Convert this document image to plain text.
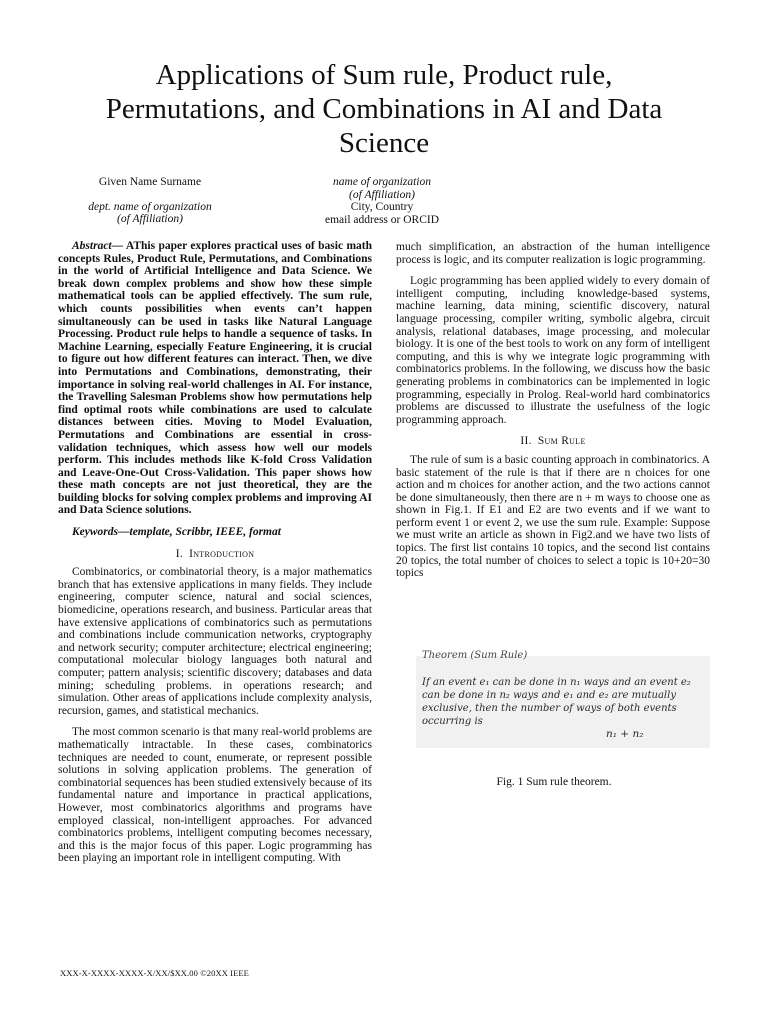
Applications of Sum rule, Product rule,
Permutations, and Combinations in AI and Data
Science
Given Name Surname
dept. name of organization
(of Affiliation)
name of organization
(of Affiliation)
City, Country
email address or ORCID

Abstract— AThis paper explores practical uses of basic math concepts Rules, Product Rule, Permutations, and Combinations in the world of Artificial Intelligence and Data Science. We break down complex problems and show how these simple mathematical tools can be applied effectively. The sum rule, which counts possibilities when events can’t happen simultaneously can be used in tasks like Natural Language Processing. Product rule helps to handle a sequence of tasks. In Machine Learning, especially Feature Engineering, it is crucial to figure out how different features can interact. Then, we dive into Permutations and Combinations, demonstrating, their importance in solving real-world challenges in AI. For instance, the Travelling Salesman Problems show how permutations help find optimal roots while combinations are used to calculate distances between cities. Moving to Model Evaluation, Permutations and Combinations are essential in cross-validation techniques, which assess how well our models perform. This includes methods like K-fold Cross Validation and Leave-One-Out Cross-Validation. This paper shows how these math concepts are not just theoretical, they are the building blocks for solving complex problems and improving AI and Data Science solutions.

Keywords—template, Scribbr, IEEE, format

I. Introduction

Combinatorics, or combinatorial theory, is a major mathematics branch that has extensive applications in many fields. They include engineering, computer science, natural and social sciences, biomedicine, operations research, and business. Particular areas that have extensive applications of combinatorics such as permutations and combinations include communication networks, cryptography and network security; computer architecture; electrical engineering; computational molecular biology languages both natural and computer; pattern analysis; scientific discovery; databases and data mining; scheduling problems. in operations research; and simulation. Other areas of applications include complexity analysis, recursion, games, and statistical mechanics.

The most common scenario is that many real-world problems are mathematically intractable. In these cases, combinatorics techniques are needed to count, enumerate, or represent possible solutions in solving application problems. The generation of combinatorial sequences has been studied extensively because of its fundamental nature and importance in practical applications, However, most combinatorics algorithms and programs have employed classical, non-intelligent approaches. For advanced combinatorics problems, intelligent computing becomes necessary, and this is the major focus of this paper. Logic programming has been playing an important role in intelligent computing. With

much simplification, an abstraction of the human intelligence process is logic, and its computer realization is logic programming.

Logic programming has been applied widely to every domain of intelligent computing, including knowledge-based systems, machine learning, data mining, scientific discovery, natural language processing, compiler writing, symbolic algebra, circuit analysis, relational databases, image processing, and molecular biology. It is one of the best tools to work on any form of intelligent computing, and this is why we integrate logic programming with combinatorics problems. In the following, we discuss how the basic generating problems in combinatorics can be implemented in logic programming, especially in Prolog. Real-world hard combinatorics problems are discussed to illustrate the usefulness of the logic programming approach.

II. Sum Rule

The rule of sum is a basic counting approach in combinatorics. A basic statement of the rule is that if there are n choices for one action and m choices for another action, and the two actions cannot be done simultaneously, then there are n + m ways to choose one as shown in Fig.1. If E1 and E2 are two events and if we want to perform event 1 or event 2, we use the sum rule. Example: Suppose we must write an article as shown in Fig2.and we have two lists of topics. The first list contains 10 topics, and the second list contains 20 topics, the total number of choices to select a topic is 10+20=30 topics

Theorem (Sum Rule)
If an event e₁ can be done in n₁ ways and an event e₂ can be done in n₂ ways and e₁ and e₂ are mutually exclusive, then the number of ways of both events occurring is
n₁ + n₂
Fig. 1 Sum rule theorem.
XXX-X-XXXX-XXXX-X/XX/$XX.00 ©20XX IEEE
